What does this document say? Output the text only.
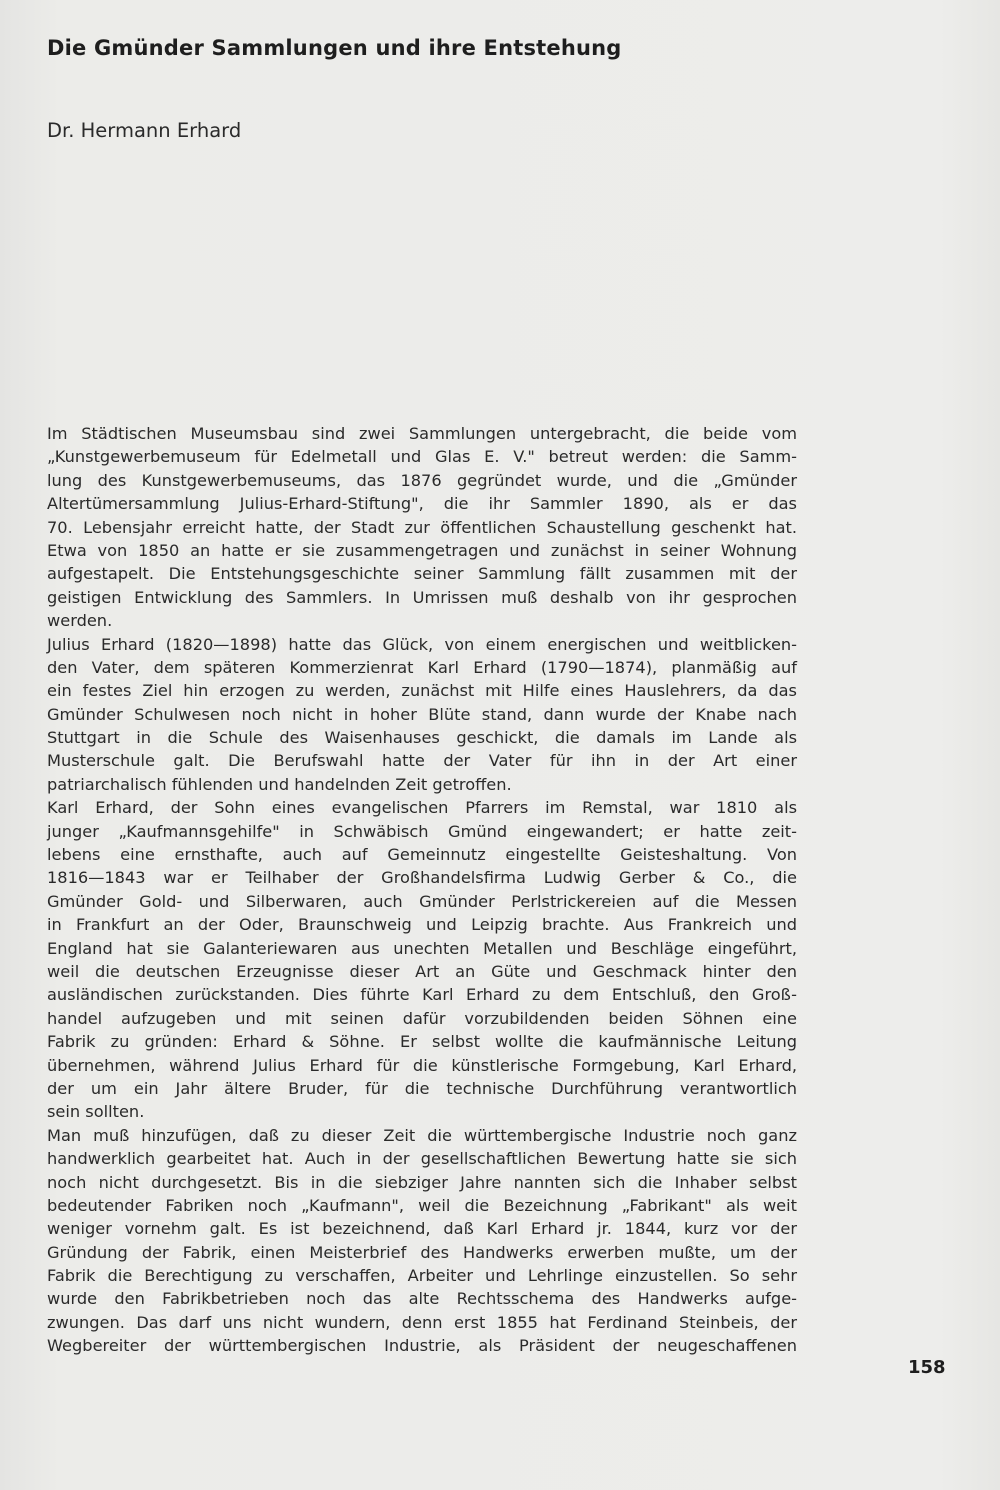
Die Gmünder Sammlungen und ihre Entstehung
Dr. Hermann Erhard
Im Städtischen Museumsbau sind zwei Sammlungen untergebracht, die beide vom
„Kunstgewerbemuseum für Edelmetall und Glas E. V." betreut werden: die Samm-
lung des Kunstgewerbemuseums, das 1876 gegründet wurde, und die „Gmünder
Altertümersammlung Julius-Erhard-Stiftung", die ihr Sammler 1890, als er das
70. Lebensjahr erreicht hatte, der Stadt zur öffentlichen Schaustellung geschenkt hat.
Etwa von 1850 an hatte er sie zusammengetragen und zunächst in seiner Wohnung
aufgestapelt. Die Entstehungsgeschichte seiner Sammlung fällt zusammen mit der
geistigen Entwicklung des Sammlers. In Umrissen muß deshalb von ihr gesprochen
werden.
Julius Erhard (1820—1898) hatte das Glück, von einem energischen und weitblicken-
den Vater, dem späteren Kommerzienrat Karl Erhard (1790—1874), planmäßig auf
ein festes Ziel hin erzogen zu werden, zunächst mit Hilfe eines Hauslehrers, da das
Gmünder Schulwesen noch nicht in hoher Blüte stand, dann wurde der Knabe nach
Stuttgart in die Schule des Waisenhauses geschickt, die damals im Lande als
Musterschule galt. Die Berufswahl hatte der Vater für ihn in der Art einer
patriarchalisch fühlenden und handelnden Zeit getroffen.
Karl Erhard, der Sohn eines evangelischen Pfarrers im Remstal, war 1810 als
junger „Kaufmannsgehilfe" in Schwäbisch Gmünd eingewandert; er hatte zeit-
lebens eine ernsthafte, auch auf Gemeinnutz eingestellte Geisteshaltung. Von
1816—1843 war er Teilhaber der Großhandelsfirma Ludwig Gerber & Co., die
Gmünder Gold- und Silberwaren, auch Gmünder Perlstrickereien auf die Messen
in Frankfurt an der Oder, Braunschweig und Leipzig brachte. Aus Frankreich und
England hat sie Galanteriewaren aus unechten Metallen und Beschläge eingeführt,
weil die deutschen Erzeugnisse dieser Art an Güte und Geschmack hinter den
ausländischen zurückstanden. Dies führte Karl Erhard zu dem Entschluß, den Groß-
handel aufzugeben und mit seinen dafür vorzubildenden beiden Söhnen eine
Fabrik zu gründen: Erhard & Söhne. Er selbst wollte die kaufmännische Leitung
übernehmen, während Julius Erhard für die künstlerische Formgebung, Karl Erhard,
der um ein Jahr ältere Bruder, für die technische Durchführung verantwortlich
sein sollten.
Man muß hinzufügen, daß zu dieser Zeit die württembergische Industrie noch ganz
handwerklich gearbeitet hat. Auch in der gesellschaftlichen Bewertung hatte sie sich
noch nicht durchgesetzt. Bis in die siebziger Jahre nannten sich die Inhaber selbst
bedeutender Fabriken noch „Kaufmann", weil die Bezeichnung „Fabrikant" als weit
weniger vornehm galt. Es ist bezeichnend, daß Karl Erhard jr. 1844, kurz vor der
Gründung der Fabrik, einen Meisterbrief des Handwerks erwerben mußte, um der
Fabrik die Berechtigung zu verschaffen, Arbeiter und Lehrlinge einzustellen. So sehr
wurde den Fabrikbetrieben noch das alte Rechtsschema des Handwerks aufge-
zwungen. Das darf uns nicht wundern, denn erst 1855 hat Ferdinand Steinbeis, der
Wegbereiter der württembergischen Industrie, als Präsident der neugeschaffenen
158
